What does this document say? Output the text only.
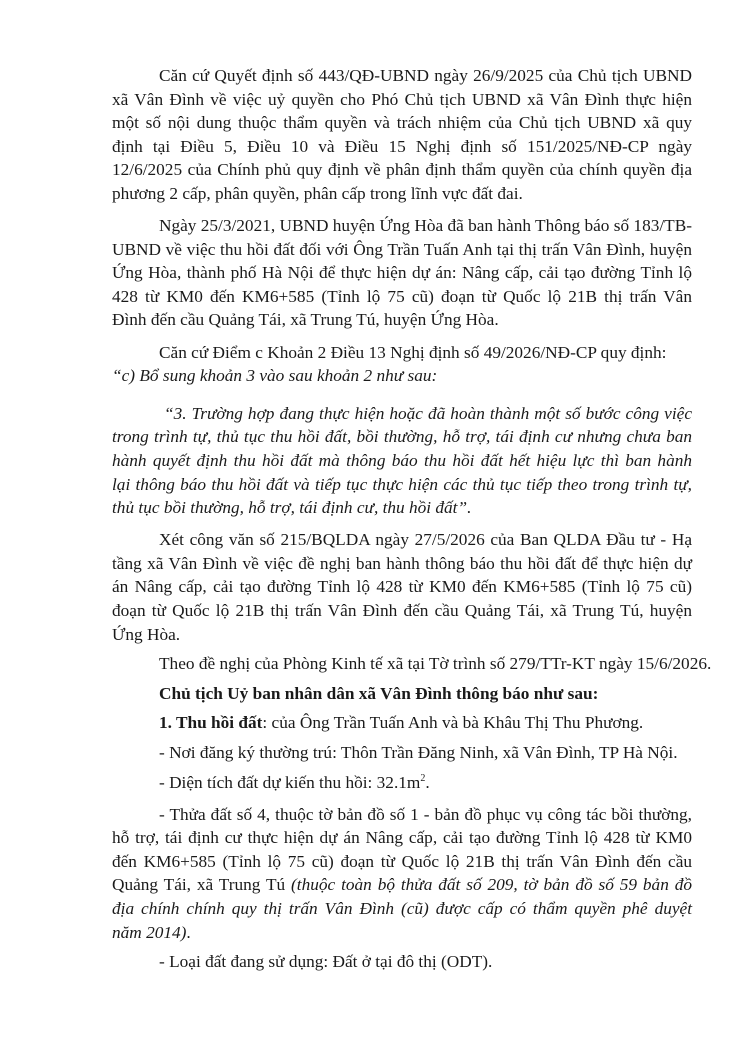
Căn cứ Quyết định số 443/QĐ-UBND ngày 26/9/2025 của Chủ tịch UBND
xã Vân Đình về việc uỷ quyền cho Phó Chủ tịch UBND xã Vân Đình thực hiện
một số nội dung thuộc thẩm quyền và trách nhiệm của Chủ tịch UBND xã quy
định tại Điều 5, Điều 10 và Điều 15 Nghị định số 151/2025/NĐ-CP ngày
12/6/2025 của Chính phủ quy định về phân định thẩm quyền của chính quyền địa
phương 2 cấp, phân quyền, phân cấp trong lĩnh vực đất đai.
Ngày 25/3/2021, UBND huyện Ứng Hòa đã ban hành Thông báo số 183/TB-
UBND về việc thu hồi đất đối với Ông Trần Tuấn Anh tại thị trấn Vân Đình, huyện
Ứng Hòa, thành phố Hà Nội để thực hiện dự án: Nâng cấp, cải tạo đường Tỉnh lộ
428 từ KM0 đến KM6+585 (Tỉnh lộ 75 cũ) đoạn từ Quốc lộ 21B thị trấn Vân
Đình đến cầu Quảng Tái, xã Trung Tú, huyện Ứng Hòa.
Căn cứ Điểm c Khoản 2 Điều 13 Nghị định số 49/2026/NĐ-CP quy định:
“c) Bổ sung khoản 3 vào sau khoản 2 như sau:
“3. Trường hợp đang thực hiện hoặc đã hoàn thành một số bước công việc
trong trình tự, thủ tục thu hồi đất, bồi thường, hỗ trợ, tái định cư nhưng chưa ban
hành quyết định thu hồi đất mà thông báo thu hồi đất hết hiệu lực thì ban hành
lại thông báo thu hồi đất và tiếp tục thực hiện các thủ tục tiếp theo trong trình tự,
thủ tục bồi thường, hỗ trợ, tái định cư, thu hồi đất”.
Xét công văn số 215/BQLDA ngày 27/5/2026 của Ban QLDA Đầu tư - Hạ
tầng xã Vân Đình về việc đề nghị ban hành thông báo thu hồi đất để thực hiện dự
án Nâng cấp, cải tạo đường Tỉnh lộ 428 từ KM0 đến KM6+585 (Tỉnh lộ 75 cũ)
đoạn từ Quốc lộ 21B thị trấn Vân Đình đến cầu Quảng Tái, xã Trung Tú, huyện
Ứng Hòa.
Theo đề nghị của Phòng Kinh tế xã tại Tờ trình số 279/TTr-KT ngày 15/6/2026.
Chủ tịch Uỷ ban nhân dân xã Vân Đình thông báo như sau:
1. Thu hồi đất: của Ông Trần Tuấn Anh và bà Khâu Thị Thu Phương.
- Nơi đăng ký thường trú: Thôn Trần Đăng Ninh, xã Vân Đình, TP Hà Nội.
- Diện tích đất dự kiến thu hồi: $32.1m^2$.
- Thửa đất số 4, thuộc tờ bản đồ số 1 - bản đồ phục vụ công tác bồi thường,
hỗ trợ, tái định cư thực hiện dự án Nâng cấp, cải tạo đường Tỉnh lộ 428 từ KM0
đến KM6+585 (Tỉnh lộ 75 cũ) đoạn từ Quốc lộ 21B thị trấn Vân Đình đến cầu
Quảng Tái, xã Trung Tú (thuộc toàn bộ thửa đất số 209, tờ bản đồ số 59 bản đồ
địa chính chính quy thị trấn Vân Đình (cũ) được cấp có thẩm quyền phê duyệt
năm 2014).
- Loại đất đang sử dụng: Đất ở tại đô thị (ODT).
